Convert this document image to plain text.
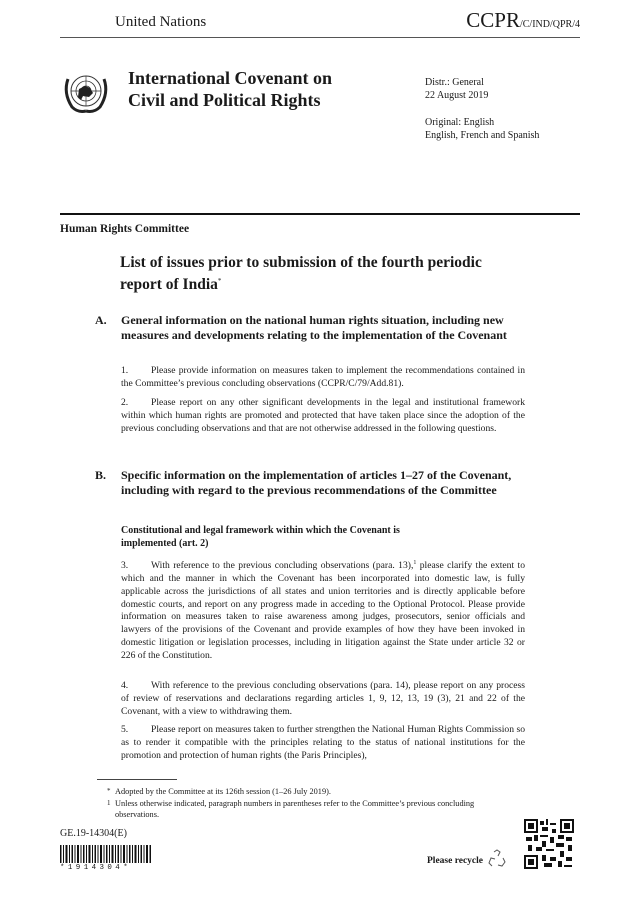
United Nations	CCPR/C/IND/QPR/4
International Covenant on
Civil and Political Rights
Distr.: General
22 August 2019
Original: English
English, French and Spanish
Human Rights Committee
List of issues prior to submission of the fourth periodic
report of India*
A. General information on the national human rights situation, including new measures and developments relating to the implementation of the Covenant
1. Please provide information on measures taken to implement the recommendations contained in the Committee’s previous concluding observations (CCPR/C/79/Add.81).
2. Please report on any other significant developments in the legal and institutional framework within which human rights are promoted and protected that have taken place since the adoption of the previous concluding observations and that are not otherwise addressed in the following questions.
B. Specific information on the implementation of articles 1–27 of the Covenant, including with regard to the previous recommendations of the Committee
Constitutional and legal framework within which the Covenant is implemented (art. 2)
3. With reference to the previous concluding observations (para. 13),$^1$ please clarify the extent to which and the manner in which the Covenant has been incorporated into domestic law, is fully applicable across the jurisdictions of all states and union territories and is directly applicable before domestic courts, and report on any progress made in acceding to the Optional Protocol. Please provide information on measures taken to raise awareness among judges, prosecutors, senior officials and lawyers of the provisions of the Covenant and provide examples of how they have been invoked in domestic litigation or legislation processes, including in litigation against the State under article 32 or 226 of the Constitution.
4. With reference to the previous concluding observations (para. 14), please report on any process of review of reservations and declarations regarding articles 1, 9, 12, 13, 19 (3), 21 and 22 of the Covenant, with a view to withdrawing them.
5. Please report on measures taken to further strengthen the National Human Rights Commission so as to render it compatible with the principles relating to the status of national institutions for the promotion and protection of human rights (the Paris Principles),
* Adopted by the Committee at its 126th session (1–26 July 2019).
1 Unless otherwise indicated, paragraph numbers in parentheses refer to the Committee’s previous concluding observations.
GE.19-14304(E)
*1914304*
Please recycle
